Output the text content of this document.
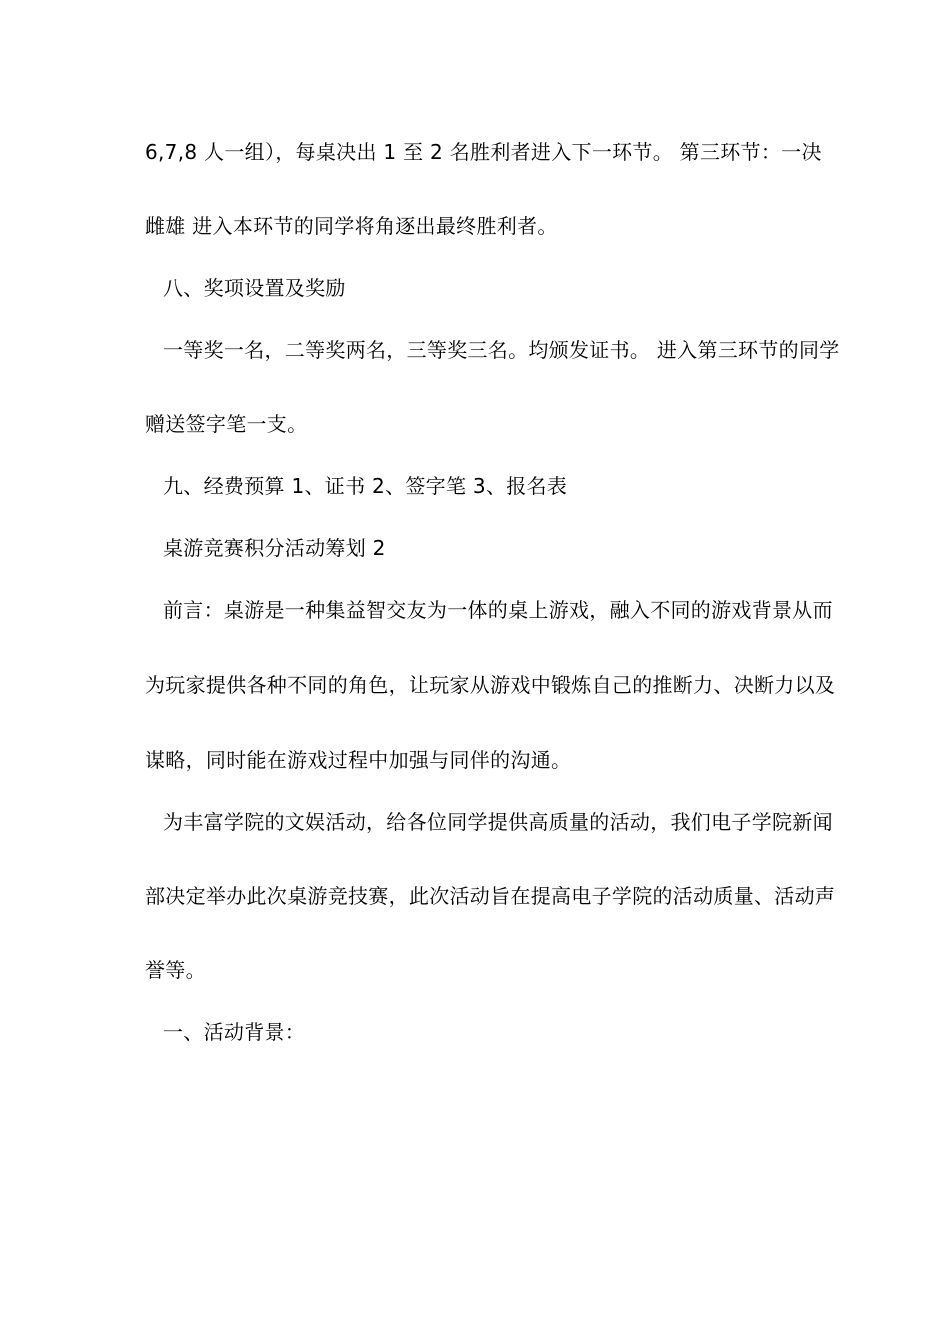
6,7,8 人一组），每桌决出 1 至 2 名胜利者进入下一环节。 第三环节：一决
雌雄 进入本环节的同学将角逐出最终胜利者。
八、奖项设置及奖励
一等奖一名，二等奖两名，三等奖三名。均颁发证书。 进入第三环节的同学
赠送签字笔一支。
九、经费预算 1、证书 2、签字笔 3、报名表
桌游竞赛积分活动筹划 2
前言：桌游是一种集益智交友为一体的桌上游戏，融入不同的游戏背景从而
为玩家提供各种不同的角色，让玩家从游戏中锻炼自己的推断力、决断力以及
谋略，同时能在游戏过程中加强与同伴的沟通。
为丰富学院的文娱活动，给各位同学提供高质量的活动，我们电子学院新闻
部决定举办此次桌游竞技赛，此次活动旨在提高电子学院的活动质量、活动声
誉等。
一、活动背景：
